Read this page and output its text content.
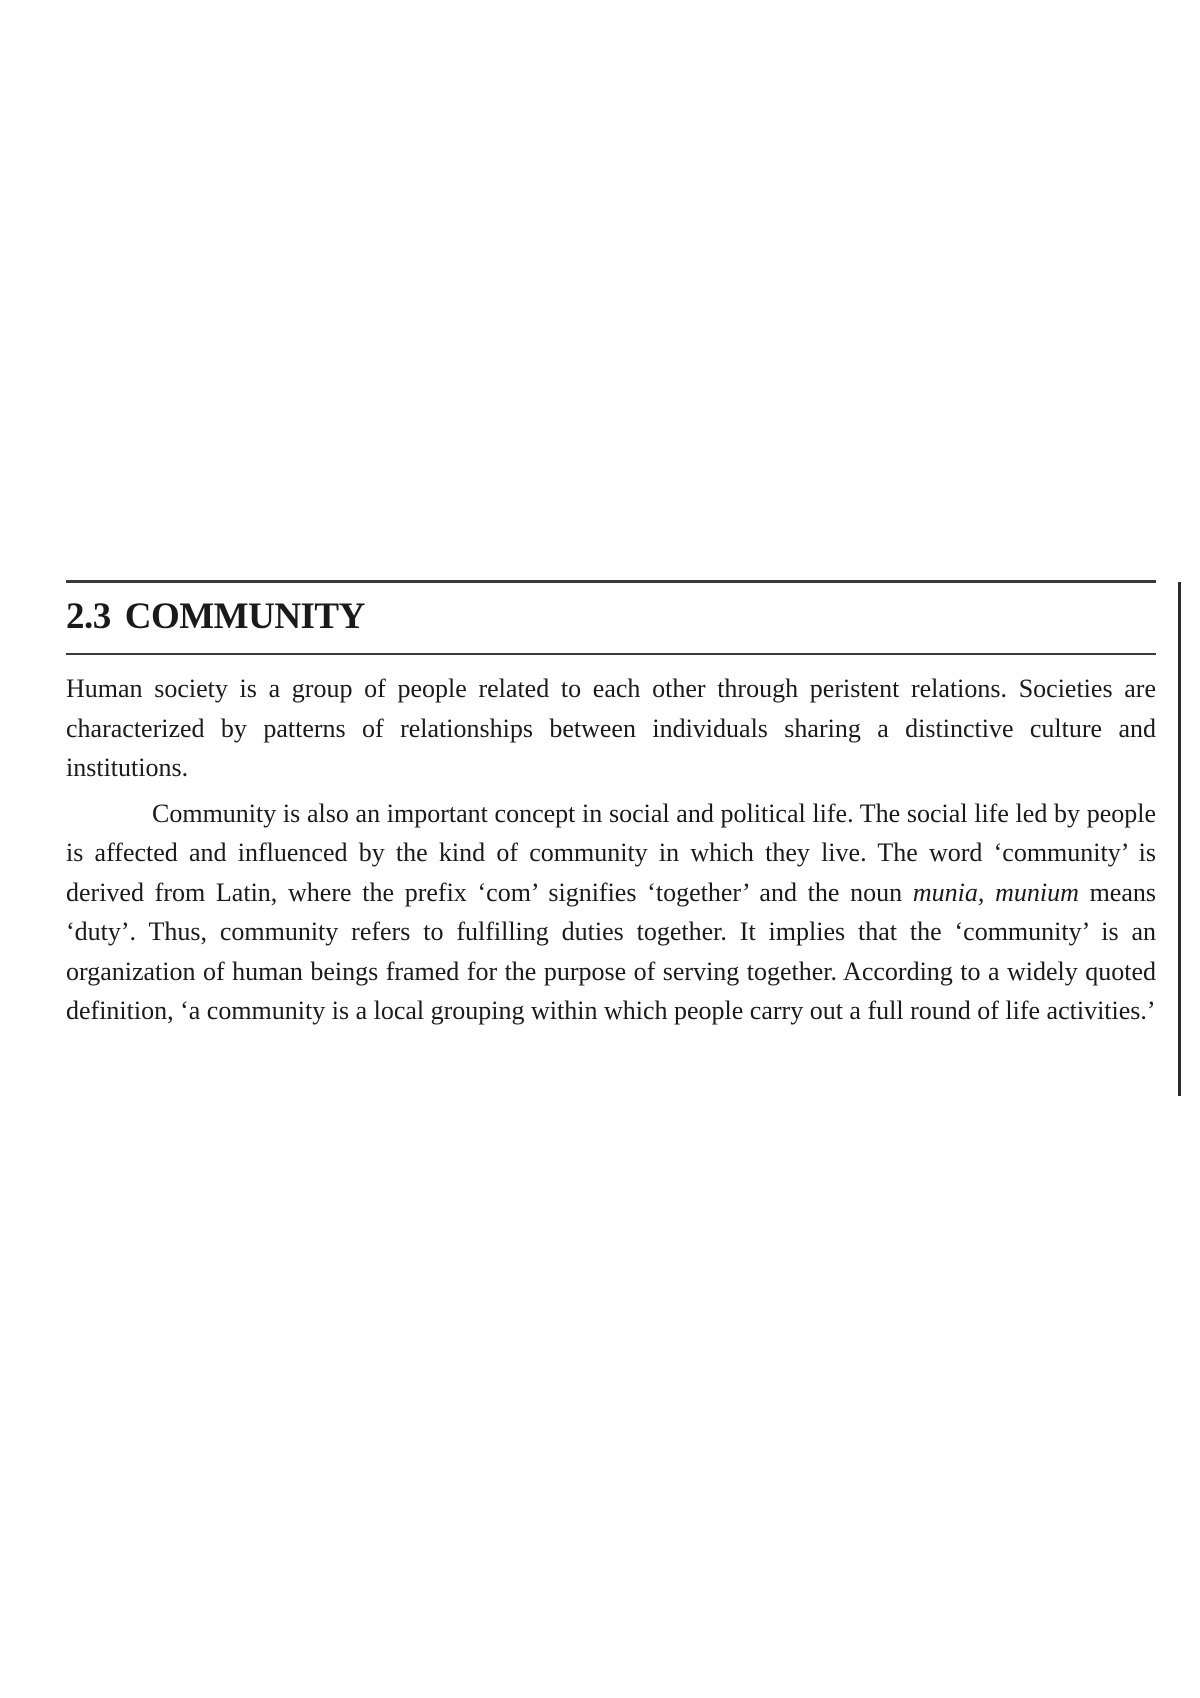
2.3 COMMUNITY

Human society is a group of people related to each other through peristent relations. Societies are characterized by patterns of relationships between individuals sharing a distinctive culture and institutions.

Community is also an important concept in social and political life. The social life led by people is affected and influenced by the kind of community in which they live. The word ‘community’ is derived from Latin, where the prefix ‘com’ signifies ‘together’ and the noun munia, munium means ‘duty’. Thus, community refers to fulfilling duties together. It implies that the ‘community’ is an organization of human beings framed for the purpose of serving together. According to a widely quoted definition, ‘a community is a local grouping within which people carry out a full round of life activities.’
